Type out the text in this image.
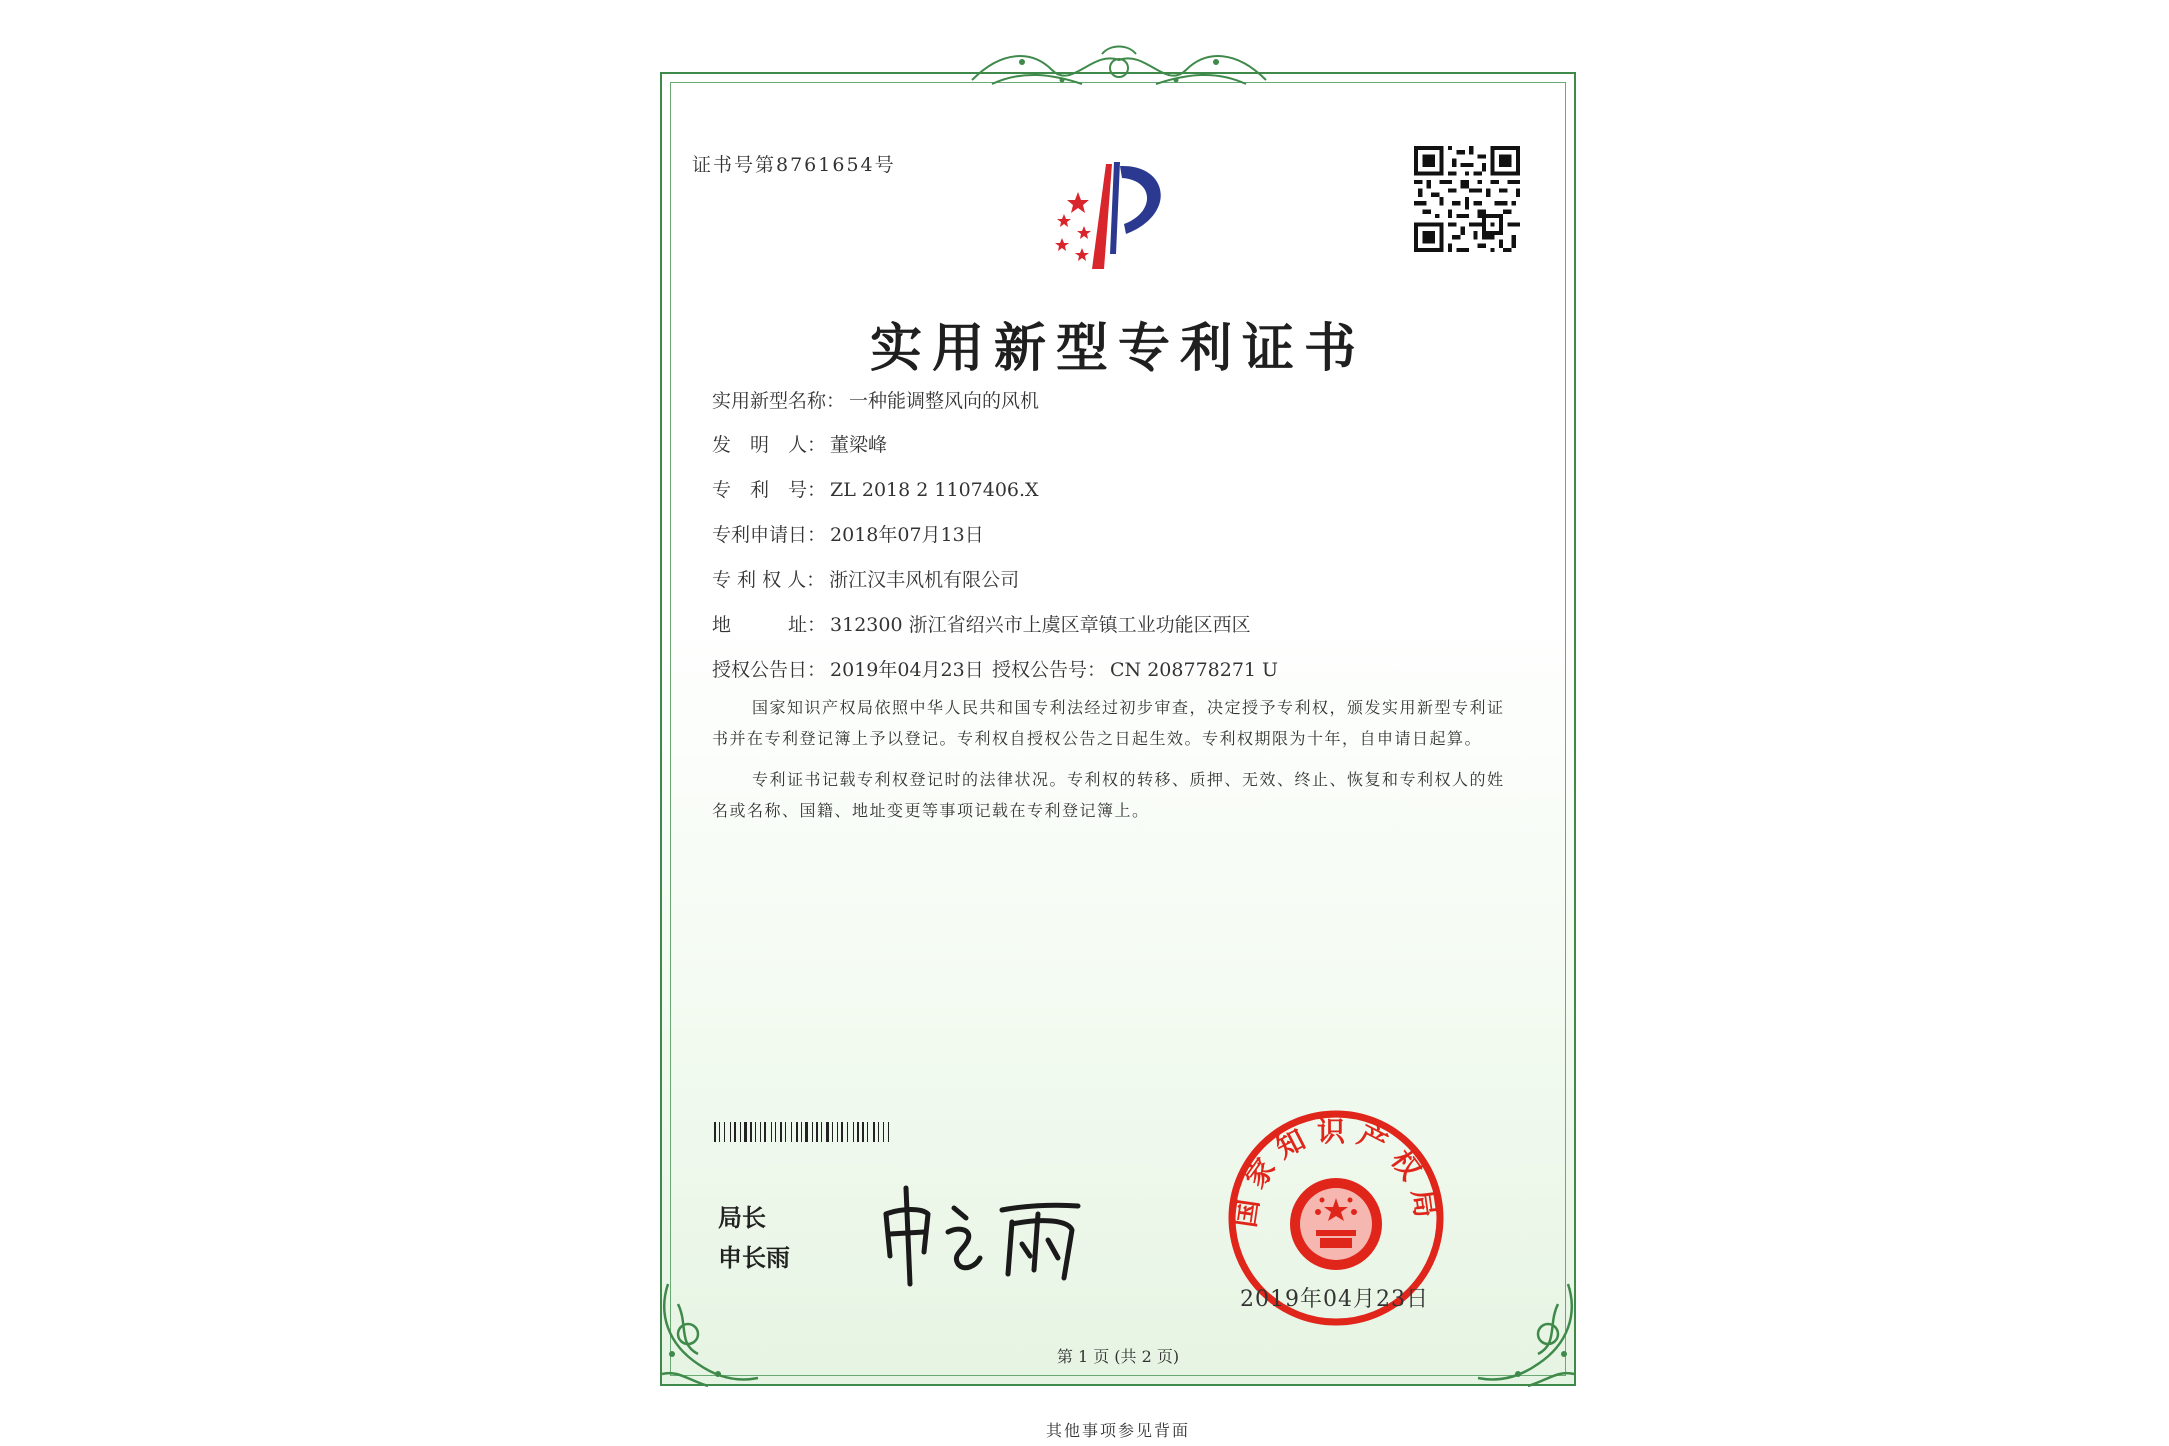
证书号第8761654号
实用新型专利证书
实用新型名称： 一种能调整风向的风机
发　明　人： 董梁峰
专　利　号： ZL 2018 2 1107406.X
专利申请日： 2018年07月13日
专 利 权 人： 浙江汉丰风机有限公司
地　　　址： 312300 浙江省绍兴市上虞区章镇工业功能区西区
授权公告日： 2019年04月23日 授权公告号： CN 208778271 U
国家知识产权局依照中华人民共和国专利法经过初步审查，决定授予专利权，颁发实用新型专利证书并在专利登记簿上予以登记。专利权自授权公告之日起生效。专利权期限为十年，自申请日起算。
专利证书记载专利权登记时的法律状况。专利权的转移、质押、无效、终止、恢复和专利权人的姓名或名称、国籍、地址变更等事项记载在专利登记簿上。
局长
申长雨
国家知识产权局
2019年04月23日
第 1 页 (共 2 页)
其他事项参见背面
